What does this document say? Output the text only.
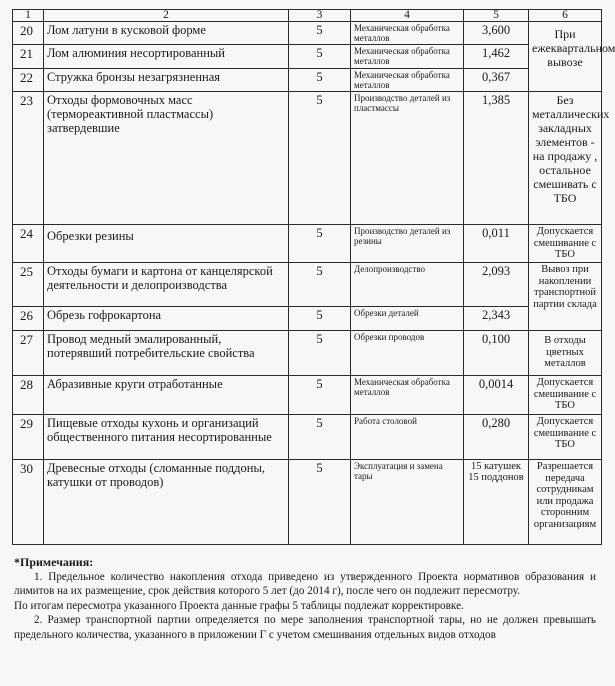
1	2	3	4	5	6
20	Лом латуни в кусковой форме	5	Механическая обработка металлов	3,600	При ежеквартальном вывозе
21	Лом алюминия несортированный	5	Механическая обработка металлов	1,462	
22	Стружка бронзы незагрязненная	5	Механическая обработка металлов	0,367	
23	Отходы формовочных масс (термореактивной пластмассы) затвердевшие	5	Производство деталей из пластмассы	1,385	Без металлических закладных элементов - на продажу , остальное смешивать с ТБО
24	Обрезки резины	5	Производство деталей из резины	0,011	Допускается смешивание с ТБО
25	Отходы бумаги и картона от канцелярской деятельности и делопроизводства	5	Делопроизводство	2,093	Вывоз при накоплении транспортной партии склада
26	Обрезь гофрокартона	5	Обрезки деталей	2,343	
27	Провод медный эмалированный, потерявший потребительские свойства	5	Обрезки проводов	0,100	В отходы цветных металлов
28	Абразивные круги отработанные	5	Механическая обработка металлов	0,0014	Допускается смешивание с ТБО
29	Пищевые отходы кухонь и организаций общественного питания несортированные	5	Работа столовой	0,280	Допускается смешивание с ТБО
30	Древесные отходы (сломанные поддоны, катушки от проводов)	5	Эксплуатация и замена тары	15 катушек 15 поддонов	Разрешается передача сотрудникам или продажа сторонним организациям

*Примечания:

1. Предельное количество накопления отхода приведено из утвержденного Проекта нормативов образования и лимитов на их размещение, срок действия которого 5 лет (до 2014 г), после чего он подлежит пересмотру.

По итогам пересмотра указанного Проекта данные графы 5 таблицы подлежат корректировке.

2. Размер транспортной партии определяется по мере заполнения транспортной тары, но не должен превышать предельного количества, указанного в приложении Г с учетом смешивания отдельных видов отходов
